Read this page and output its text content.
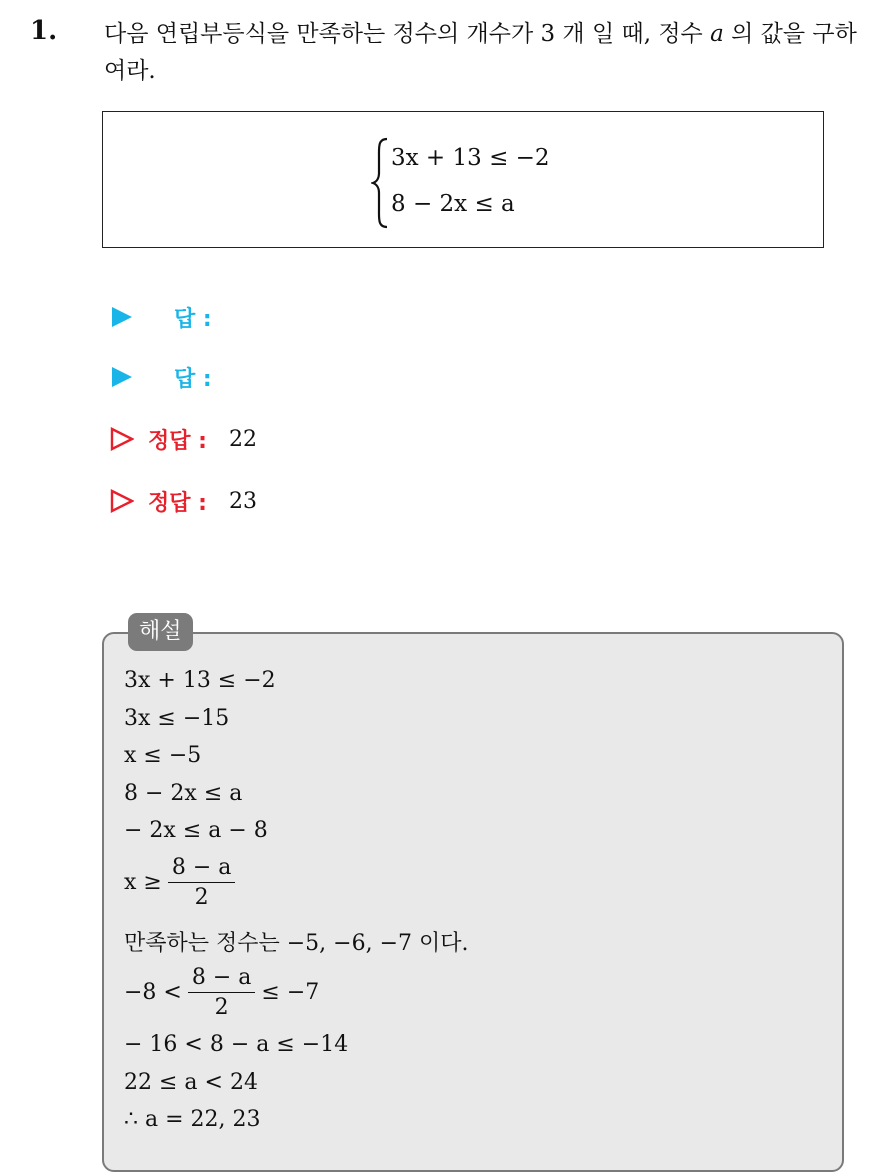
1. 다음 연립부등식을 만족하는 정수의 개수가 3 개 일 때, 정수 a 의 값을 구하여라.
3x + 13 ≤ −2
8 − 2x ≤ a
답 :
답 :
정답 : 22
정답 : 23
해설
3x + 13 ≤ −2
3x ≤ −15
x ≤ −5
8 − 2x ≤ a
− 2x ≤ a − 8
$x \ge \frac{8 - a}{2}$
만족하는 정수는 −5, −6, −7 이다.
$-8 < \frac{8 - a}{2} \le -7$
− 16 < 8 − a ≤ −14
22 ≤ a < 24
∴ a = 22, 23
